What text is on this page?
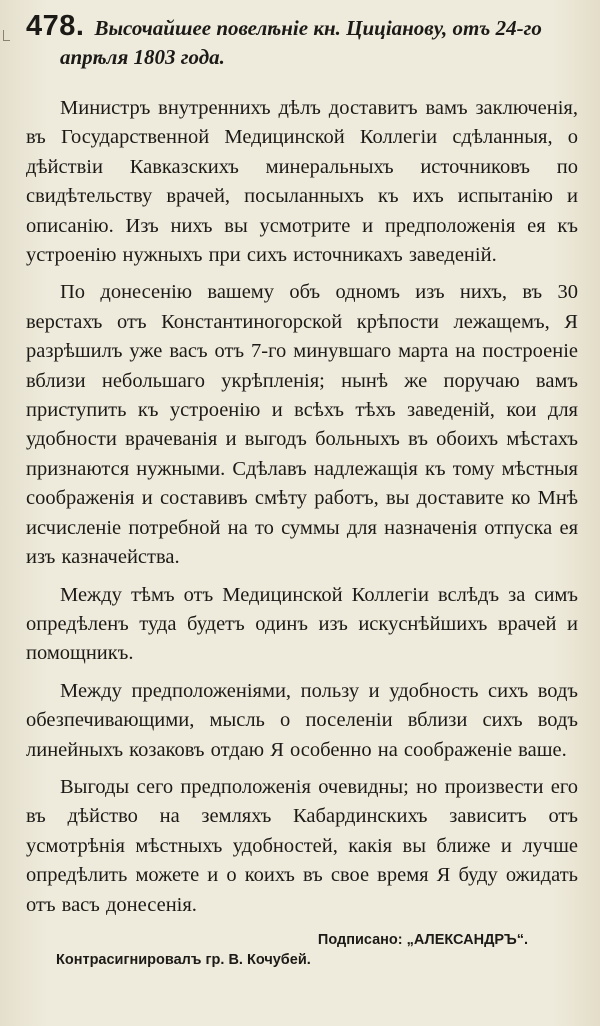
478. Высочайшее повелѣніе кн. Цицiанову, отъ 24-го
апрѣля 1803 года.

Министръ внутреннихъ дѣлъ доставитъ вамъ заключенія, въ Государственной Медицинской Коллегіи сдѣланныя, о дѣйствіи Кавказскихъ минеральныхъ источниковъ по свидѣтельству врачей, посыланныхъ къ ихъ испытанію и описанію. Изъ нихъ вы усмотрите и предположенія ея къ устроенію нужныхъ при сихъ источникахъ заведеній.

По донесенію вашему объ одномъ изъ нихъ, въ 30 верстахъ отъ Константиногорской крѣпости лежащемъ, Я разрѣшилъ уже васъ отъ 7-го минувшаго марта на построеніе вблизи небольшаго укрѣпленія; нынѣ же поручаю вамъ приступить къ устроенію и всѣхъ тѣхъ заведеній, кои для удобности врачеванія и выгодъ больныхъ въ обоихъ мѣстахъ признаются нужными. Сдѣлавъ надлежащія къ тому мѣстныя соображенія и составивъ смѣту работъ, вы доставите ко Мнѣ исчисленіе потребной на то суммы для назначенія отпуска ея изъ казначейства.

Между тѣмъ отъ Медицинской Коллегіи вслѣдъ за симъ опредѣленъ туда будетъ одинъ изъ искуснѣйшихъ врачей и помощникъ.

Между предположеніями, пользу и удобность сихъ водъ обезпечивающими, мысль о поселеніи вблизи сихъ водъ линейныхъ козаковъ отдаю Я особенно на соображеніе ваше.

Выгоды сего предположенія очевидны; но произвести его въ дѣйство на земляхъ Кабардинскихъ зависитъ отъ усмотрѣнія мѣстныхъ удобностей, какія вы ближе и лучше опредѣлить можете и о коихъ въ свое время Я буду ожидать отъ васъ донесенія.

Подписано: „АЛЕКСАНДРЪ“.
Контрасигнировалъ гр. В. Кочубей.
